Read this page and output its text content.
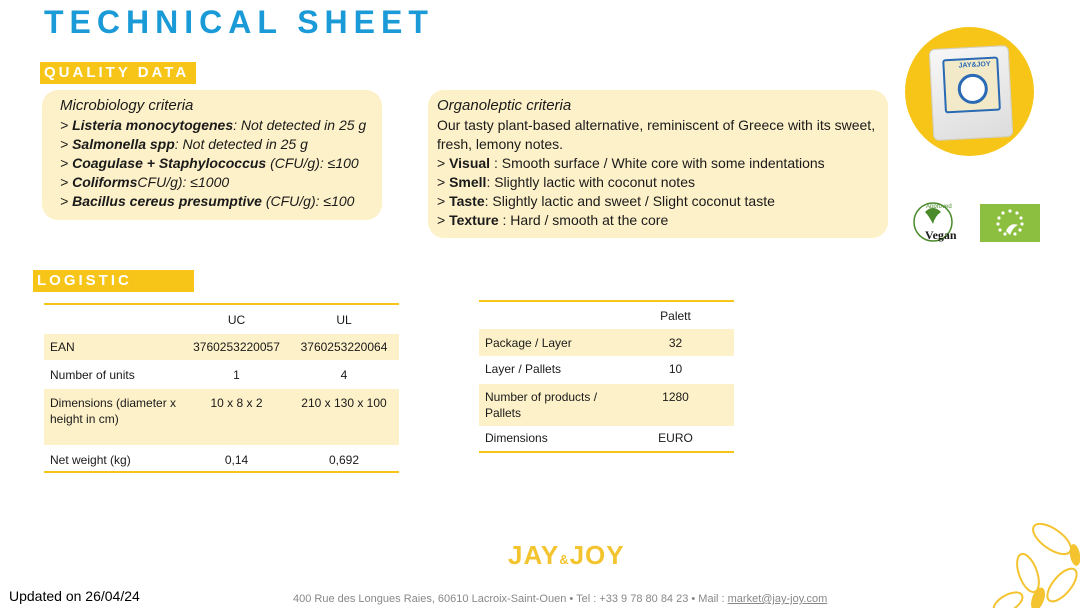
TECHNICAL SHEET
QUALITY DATA
Microbiology criteria
> Listeria monocytogenes: Not detected in 25 g
> Salmonella spp: Not detected in 25 g
> Coagulase + Staphylococcus (CFU/g): ≤100
> ColiformsCFU/g): ≤1000
> Bacillus cereus presumptive (CFU/g): ≤100
Organoleptic criteria
Our tasty plant-based alternative, reminiscent of Greece with its sweet, fresh, lemony notes.
> Visual : Smooth surface / White core with some indentations
> Smell: Slightly lactic with coconut notes
> Taste: Slightly lactic and sweet / Slight coconut taste
> Texture : Hard / smooth at the core
JAY&JOY
Approved
Vegan
LOGISTIC DATA
	UC	UL
EAN	3760253220057	3760253220064
Number of units	1	4
Dimensions (diameter x height in cm)	10 x 8 x 2	210 x 130 x 100
Net weight (kg)	0,14	0,692
	Palett
Package / Layer	32
Layer / Pallets	10
Number of products / Pallets	1280
Dimensions	EURO
JAY&JOY
Updated on 26/04/24	400 Rue des Longues Raies, 60610 Lacroix-Saint-Ouen • Tel : +33 9 78 80 84 23 • Mail : market@jay-joy.com
